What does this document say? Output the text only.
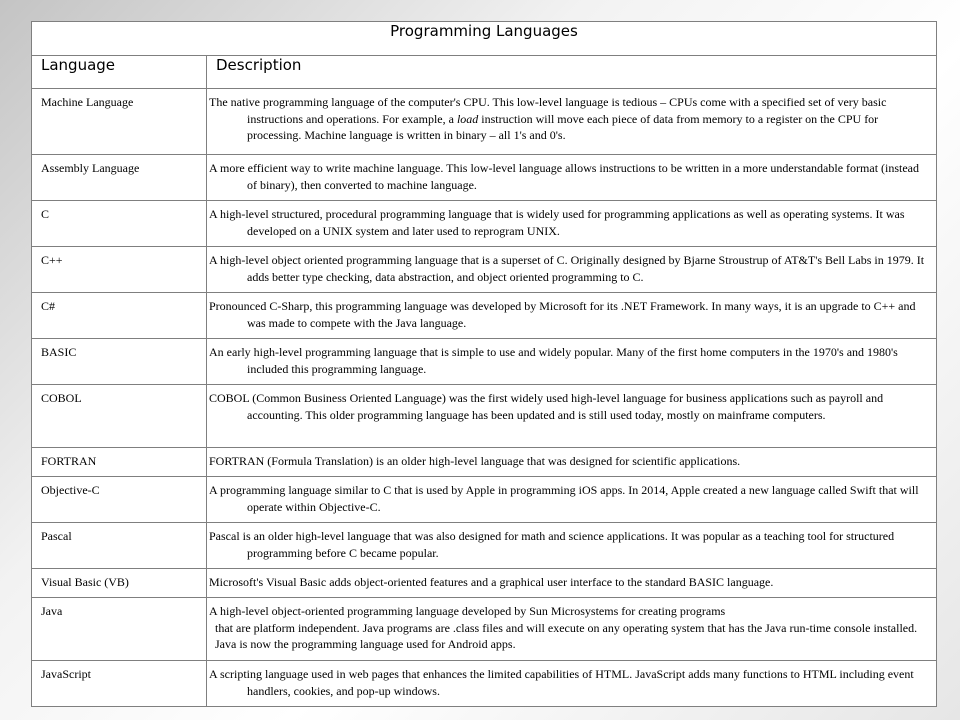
Programming Languages	
Language	Description
Machine Language	The native programming language of the computer's CPU. This low-level language is tedious – CPUs come with a specified set of very basic instructions and operations. For example, a load instruction will move each piece of data from memory to a register on the CPU for processing. Machine language is written in binary – all 1's and 0's.
Assembly Language	A more efficient way to write machine language. This low-level language allows instructions to be written in a more understandable format (instead of binary), then converted to machine language.
C	A high-level structured, procedural programming language that is widely used for programming applications as well as operating systems. It was developed on a UNIX system and later used to reprogram UNIX.
C++	A high-level object oriented programming language that is a superset of C. Originally designed by Bjarne Stroustrup of AT&T's Bell Labs in 1979. It adds better type checking, data abstraction, and object oriented programming to C.
C#	Pronounced C-Sharp, this programming language was developed by Microsoft for its .NET Framework. In many ways, it is an upgrade to C++ and was made to compete with the Java language.
BASIC	An early high-level programming language that is simple to use and widely popular. Many of the first home computers in the 1970's and 1980's included this programming language.
COBOL	COBOL (Common Business Oriented Language) was the first widely used high-level language for business applications such as payroll and accounting. This older programming language has been updated and is still used today, mostly on mainframe computers.
FORTRAN	FORTRAN (Formula Translation) is an older high-level language that was designed for scientific applications.
Objective-C	A programming language similar to C that is used by Apple in programming iOS apps. In 2014, Apple created a new language called Swift that will operate within Objective-C.
Pascal	Pascal is an older high-level language that was also designed for math and science applications. It was popular as a teaching tool for structured programming before C became popular.
Visual Basic (VB)	Microsoft's Visual Basic adds object-oriented features and a graphical user interface to the standard BASIC language.
Java	A high-level object-oriented programming language developed by Sun Microsystems for creating programs
that are platform independent. Java programs are .class files and will execute on any operating system that has the Java run-time console installed. Java is now the programming language used for Android apps.

JavaScript	A scripting language used in web pages that enhances the limited capabilities of HTML. JavaScript adds many functions to HTML including event handlers, cookies, and pop-up windows.
